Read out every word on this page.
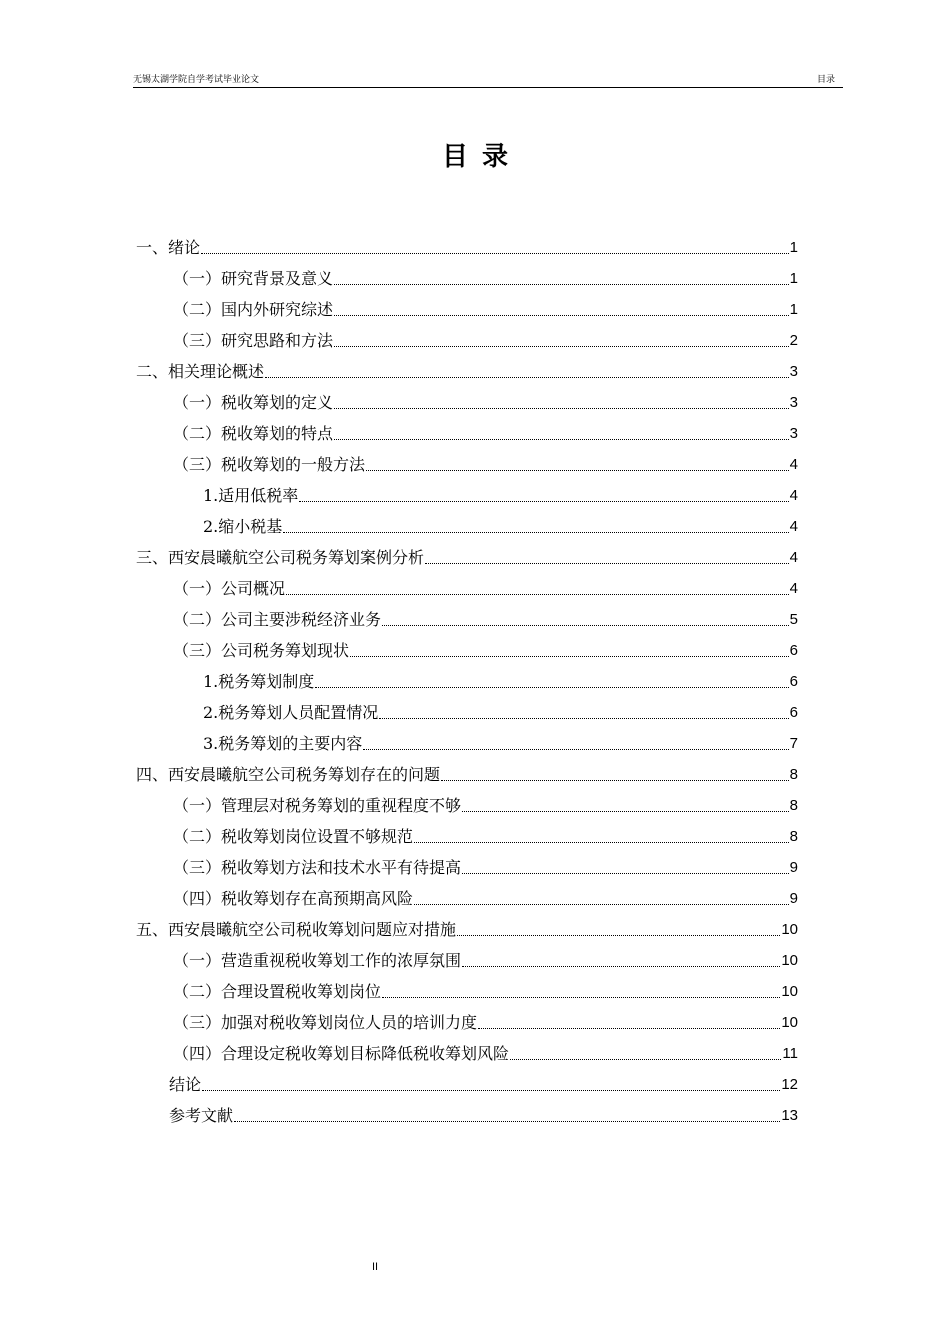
无锡太湖学院自学考试毕业论文	目录
目录
一、绪论	1
（一）研究背景及意义	1
（二）国内外研究综述	1
（三）研究思路和方法	2
二、相关理论概述	3
（一）税收筹划的定义	3
（二）税收筹划的特点	3
（三）税收筹划的一般方法	4
1.适用低税率	4
2.缩小税基	4
三、西安晨曦航空公司税务筹划案例分析	4
（一）公司概况	4
（二）公司主要涉税经济业务	5
（三）公司税务筹划现状	6
1.税务筹划制度	6
2.税务筹划人员配置情况	6
3.税务筹划的主要内容	7
四、西安晨曦航空公司税务筹划存在的问题	8
（一）管理层对税务筹划的重视程度不够	8
（二）税收筹划岗位设置不够规范	8
（三）税收筹划方法和技术水平有待提高	9
（四）税收筹划存在高预期高风险	9
五、西安晨曦航空公司税收筹划问题应对措施	10
（一）营造重视税收筹划工作的浓厚氛围	10
（二）合理设置税收筹划岗位	10
（三）加强对税收筹划岗位人员的培训力度	10
（四）合理设定税收筹划目标降低税收筹划风险	11
结论	12
参考文献	13
II
